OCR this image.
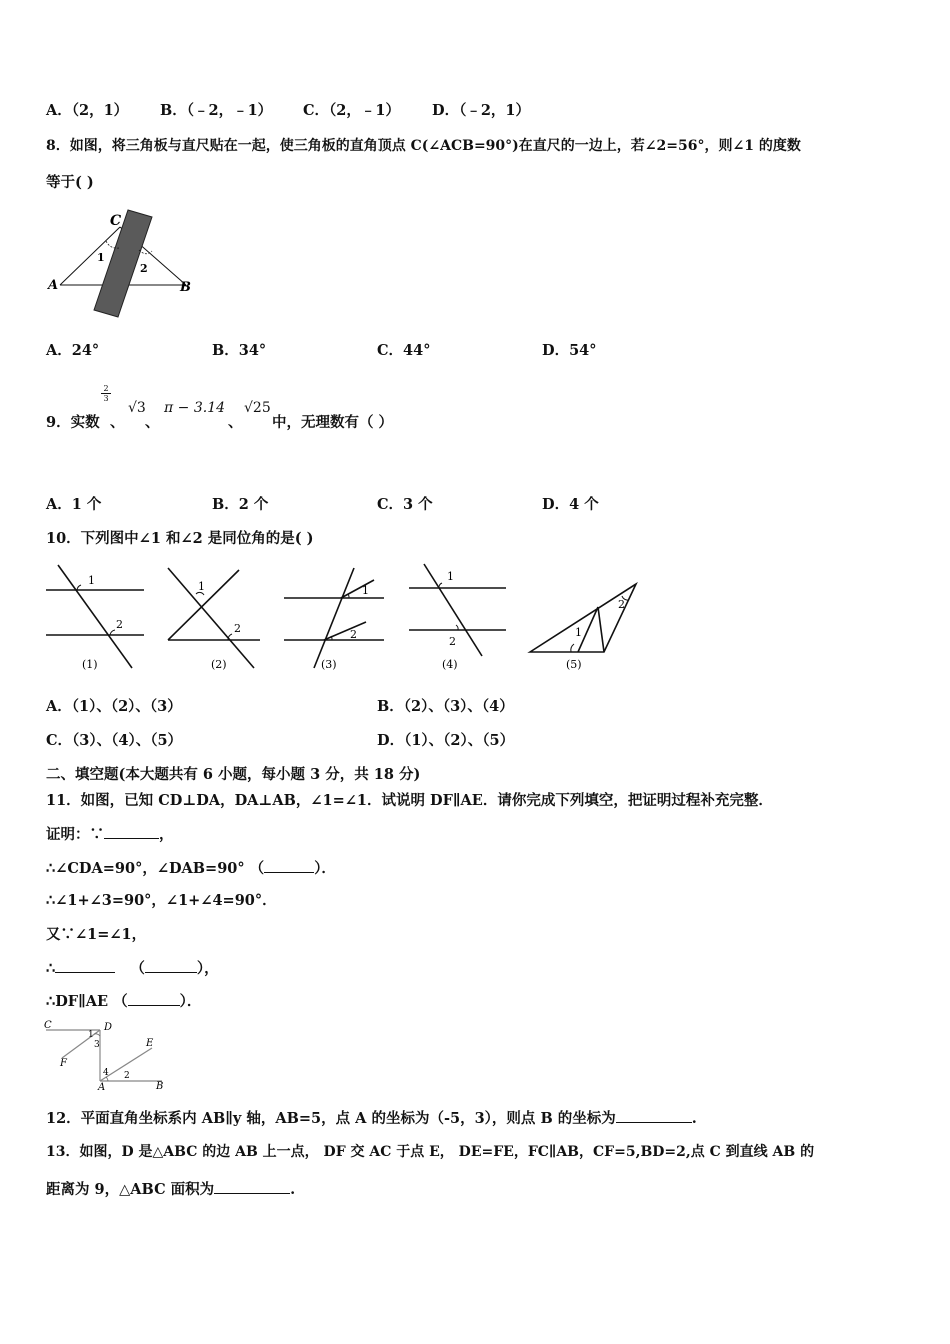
A．（2，1） B．（﹣2，﹣1） C．（2，﹣1） D．（﹣2，1）
8．如图，将三角板与直尺贴在一起，使三角板的直角顶点 C(∠ACB=90°)在直尺的一边上，若∠2=56°，则∠1 的度数
等于( )
C
A	B
1
2
A．24°	B．34°	C．44°	D．54°
9．实数
$\frac{2}{3}$
、
√3
、
π − 3.14
、
√25
中，无理数有（ ）
A．1 个	B．2 个	C．3 个	D．4 个
10．下列图中∠1 和∠2 是同位角的是( )
1
2
(1)
1
2
(2)
1
2
(3)
1
2
(4)
1
2
(5)
A．（1）、（2）、（3）	B．（2）、（3）、（4）
C．（3）、（4）、（5）	D．（1）、（2）、（5）
二、填空题(本大题共有 6 小题，每小题 3 分，共 18 分)
11．如图，已知 CD⊥DA，DA⊥AB，∠1=∠1．试说明 DF∥AE．请你完成下列填空，把证明过程补充完整．
证明：∵	，
∴∠CDA=90°，∠DAB=90° （	）．
∴∠1+∠3=90°，∠1+∠4=90°．
又∵∠1=∠1，
∴	（	），
∴DF∥AE （	）．
C	D
F
E
A	B
1
3
4 2
12．平面直角坐标系内 AB∥y 轴，AB=5，点 A 的坐标为（-5，3），则点 B 的坐标为	.
13．如图，D 是△ABC 的边 AB 上一点， DF 交 AC 于点 E， DE=FE，FC∥AB，CF=5,BD=2,点 C 到直线 AB 的
距离为 9，△ABC 面积为	.
